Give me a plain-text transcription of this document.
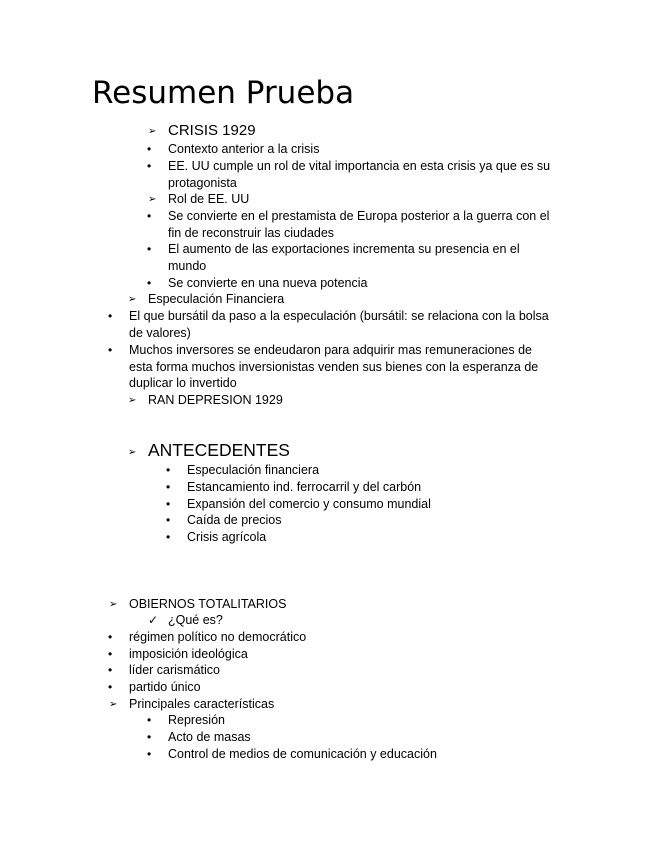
Resumen Prueba
➢ CRISIS 1929
•	Contexto anterior a la crisis
•	EE. UU cumple un rol de vital importancia en esta crisis ya que es su
protagonista
➢ Rol de EE. UU
•	Se convierte en el prestamista de Europa posterior a la guerra con el
fin de reconstruir las ciudades
•	El aumento de las exportaciones incrementa su presencia en el
mundo
•	Se convierte en una nueva potencia
➢ Especulación Financiera
•	El que bursátil da paso a la especulación (bursátil: se relaciona con la bolsa
de valores)
•	Muchos inversores se endeudaron para adquirir mas remuneraciones de
esta forma muchos inversionistas venden sus bienes con la esperanza de
duplicar lo invertido
➢ RAN DEPRESION 1929
➢ ANTECEDENTES
•	Especulación financiera
•	Estancamiento ind. ferrocarril y del carbón
•	Expansión del comercio y consumo mundial
•	Caída de precios
•	Crisis agrícola
➢ OBIERNOS TOTALITARIOS
✓ ¿Qué es?
•	régimen político no democrático
•	imposición ideológica
•	líder carismático
•	partido único
➢ Principales características
•	Represión
•	Acto de masas
•	Control de medios de comunicación y educación
